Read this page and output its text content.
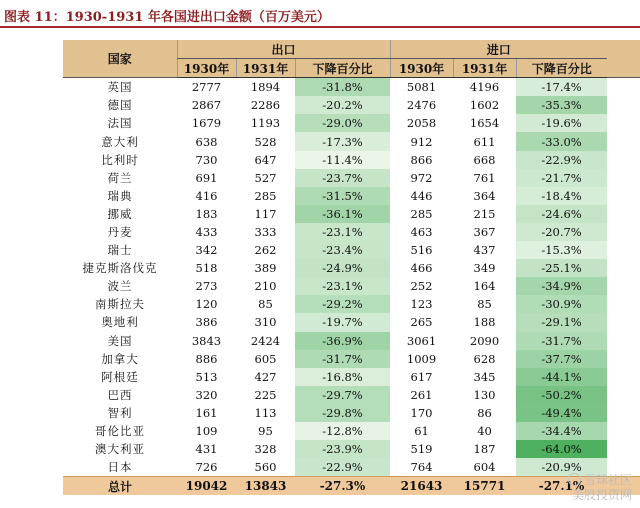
图表 11：1930-1931 年各国进出口金额（百万美元）
国家	出口			进口			
	1930年	1931年	下降百分比	1930年	1931年	下降百分比	
英国	2777	1894	-31.8%	5081	4196	-17.4%	
德国	2867	2286	-20.2%	2476	1602	-35.3%	
法国	1679	1193	-29.0%	2058	1654	-19.6%	
意大利	638	528	-17.3%	912	611	-33.0%	
比利时	730	647	-11.4%	866	668	-22.9%	
荷兰	691	527	-23.7%	972	761	-21.7%	
瑞典	416	285	-31.5%	446	364	-18.4%	
挪威	183	117	-36.1%	285	215	-24.6%	
丹麦	433	333	-23.1%	463	367	-20.7%	
瑞士	342	262	-23.4%	516	437	-15.3%	
捷克斯洛伐克	518	389	-24.9%	466	349	-25.1%	
波兰	273	210	-23.1%	252	164	-34.9%	
南斯拉夫	120	85	-29.2%	123	85	-30.9%	
奥地利	386	310	-19.7%	265	188	-29.1%	
美国	3843	2424	-36.9%	3061	2090	-31.7%	
加拿大	886	605	-31.7%	1009	628	-37.7%	
阿根廷	513	427	-16.8%	617	345	-44.1%	
巴西	320	225	-29.7%	261	130	-50.2%	
智利	161	113	-29.8%	170	86	-49.4%	
哥伦比亚	109	95	-12.8%	61	40	-34.4%	
澳大利亚	431	328	-23.9%	519	187	-64.0%	
日本	726	560	-22.9%	764	604	-20.9%	
总计	19042	13843	-27.3%	21643	15771	-27.1%	雪球社区
美股投资网
